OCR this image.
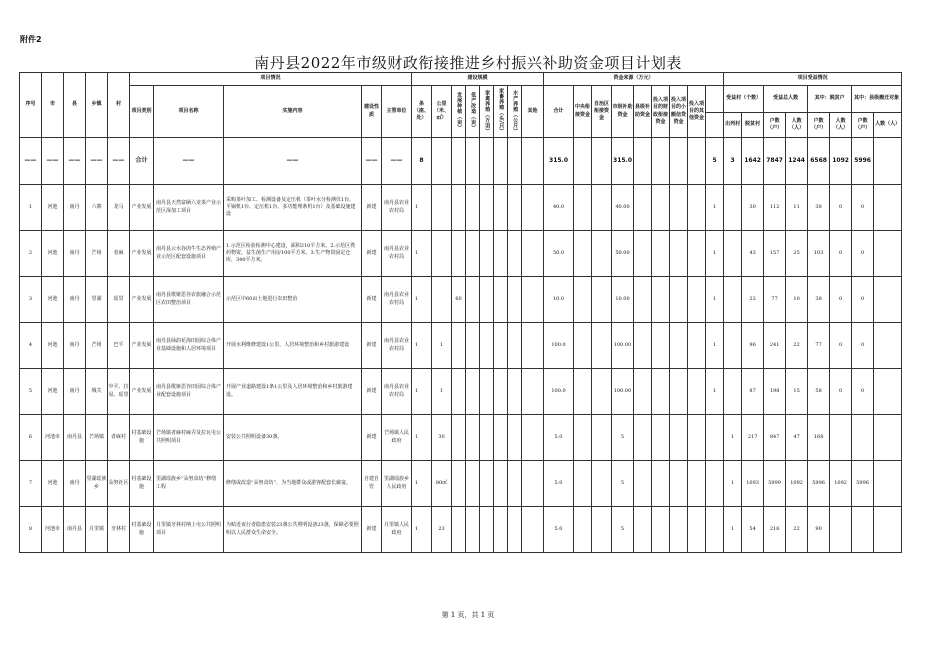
附件2
南丹县2022年市级财政衔接推进乡村振兴补助资金项目计划表
序号	市	县	乡镇	村	项目情况					建设规模								资金来源（万元）									项目受益情况							
					项目类别	项目名称	实施内容	建设性质	主管单位	条（座、处）	公里（米、㎡）	发展种植（亩）	低产改造（亩）	家禽养殖（万羽）	家畜养殖（头/只）	水产养殖（公斤）	其他	合计	中央衔接资金	自治区衔接资金	市级补助资金	县级补助资金	投入项目的财政衔接资金	投入项目的小额信贷资金	投入项目的其他资金		受益村（个数）		受益总人数		其中：脱贫户		其中：县级搬迁对象	
																											出列村	脱贫村	户数（户）	人数（人）	户数（户）	人数（人）	户数（户）	人数（人）
——	——	——	——	——	合计	——	——	——	——	8								315.0			315.0					5	3	1642	7847	1244	6568	1092	5996	
1	河池	南丹	六寨	龙马	产业发展	南丹县天然富硒六龙茶产业示范区深加工项目	采购茶叶加工、检测设备及定压机（茶叶水分检测仪1台、平锅机1台、定压机1台、多功能理条机1台）及基础设施建设	新建	南丹县农业农村局	1								40.0			40.00					1		30	112	11	38	0	0	
2	河池	南丹	芒场	者麻	产业发展	南丹县云水谷肉牛生态养殖产业示范区配套设施项目	1.示范区检验检测中心建设，面积210平方米。2.示范区粪药物资、益生菌生产用房100平方米。3.生产物资固定仓库，340平方米。	新建	南丹县农业农村局	1								50.0			50.00					1		43	157	25	103	0	0	
3	河池	南丹	里湖	瑶里	产业发展	南丹县歌娅思谷农旅融合示范区农田整治项目	示范区中60亩土地进行农田整治	新建	南丹县农业农村局	1		60						10.0			10.00					1		22	77	10	38	0	0	
4	河池	南丹	芒场	巴平	产业发展	南丹县绿韵花海田园综合体产业基础设施和人居环境项目	开展水利维修建设1公里、人居环境整治和乡村旅游建设	新建	南丹县农业农村局	1	1							100.0			100.00					1		96	241	22	77	0	0	
5	河池	南丹	城关	中平、拉易、瑶里	产业发展	南丹县歌娅思谷田园综合体产业配套设施项目	开展产业道路建设1条1公里及人居环境整治和乡村旅游建设。	新建	南丹县农业农村局	1	1							100.0			100.00					1		87	198	15	58	0	0	
6	河池市	南丹县	芒场镇	者麻村	村基础设施	芒场镇者麻村麻弄及拉瓦屯公共照明项目	安装公共照明设备30盏。	新建	芒场镇人民政府	1	30							5.0			5						1	217	847	47	168			
7	河池	南丹	里湖瑶族乡	朵努社区	村基础设施	里湖瑶族乡“朵努食坊”修缮工程	修缮或改造“朵努食坊”，为当地群众或游客配套长廊宴。	自建自管	里湖瑶族乡人民政府	1	80㎡							5.0			5						1	1093	5999	1092	5996	1092	5996	
8	河池市	南丹县	月里镇	牙林村	村基础设施	月里镇牙林村纳上屯公共照明项目	为贴近夜行者隐患安装23盏公共照明设备23盏，保障必要照明以人民群众生命安全。	新建	月里镇人民政府	1	23							5.0			5						1	54	216	22	90			
第 1 页，共 1 页
